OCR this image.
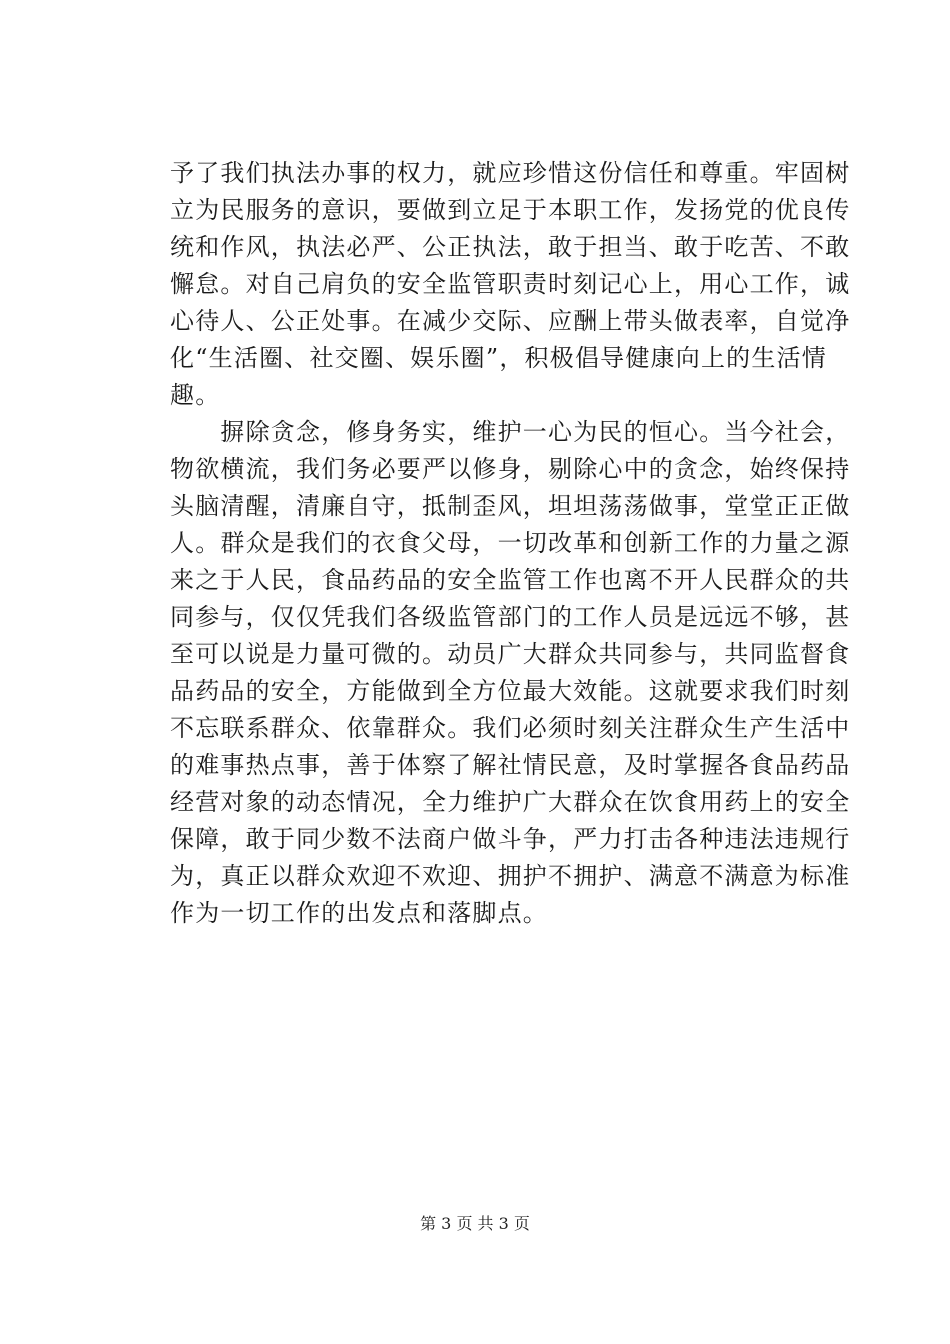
予了我们执法办事的权力，就应珍惜这份信任和尊重。牢固树
立为民服务的意识，要做到立足于本职工作，发扬党的优良传
统和作风，执法必严、公正执法，敢于担当、敢于吃苦、不敢
懈怠。对自己肩负的安全监管职责时刻记心上，用心工作，诚
心待人、公正处事。在减少交际、应酬上带头做表率，自觉净
化“生活圈、社交圈、娱乐圈”，积极倡导健康向上的生活情
趣。
　　摒除贪念，修身务实，维护一心为民的恒心。当今社会，
物欲横流，我们务必要严以修身，剔除心中的贪念，始终保持
头脑清醒，清廉自守，抵制歪风，坦坦荡荡做事，堂堂正正做
人。群众是我们的衣食父母，一切改革和创新工作的力量之源
来之于人民，食品药品的安全监管工作也离不开人民群众的共
同参与，仅仅凭我们各级监管部门的工作人员是远远不够，甚
至可以说是力量可微的。动员广大群众共同参与，共同监督食
品药品的安全，方能做到全方位最大效能。这就要求我们时刻
不忘联系群众、依靠群众。我们必须时刻关注群众生产生活中
的难事热点事，善于体察了解社情民意，及时掌握各食品药品
经营对象的动态情况，全力维护广大群众在饮食用药上的安全
保障，敢于同少数不法商户做斗争，严力打击各种违法违规行
为，真正以群众欢迎不欢迎、拥护不拥护、满意不满意为标准
作为一切工作的出发点和落脚点。
第 3 页 共 3 页
